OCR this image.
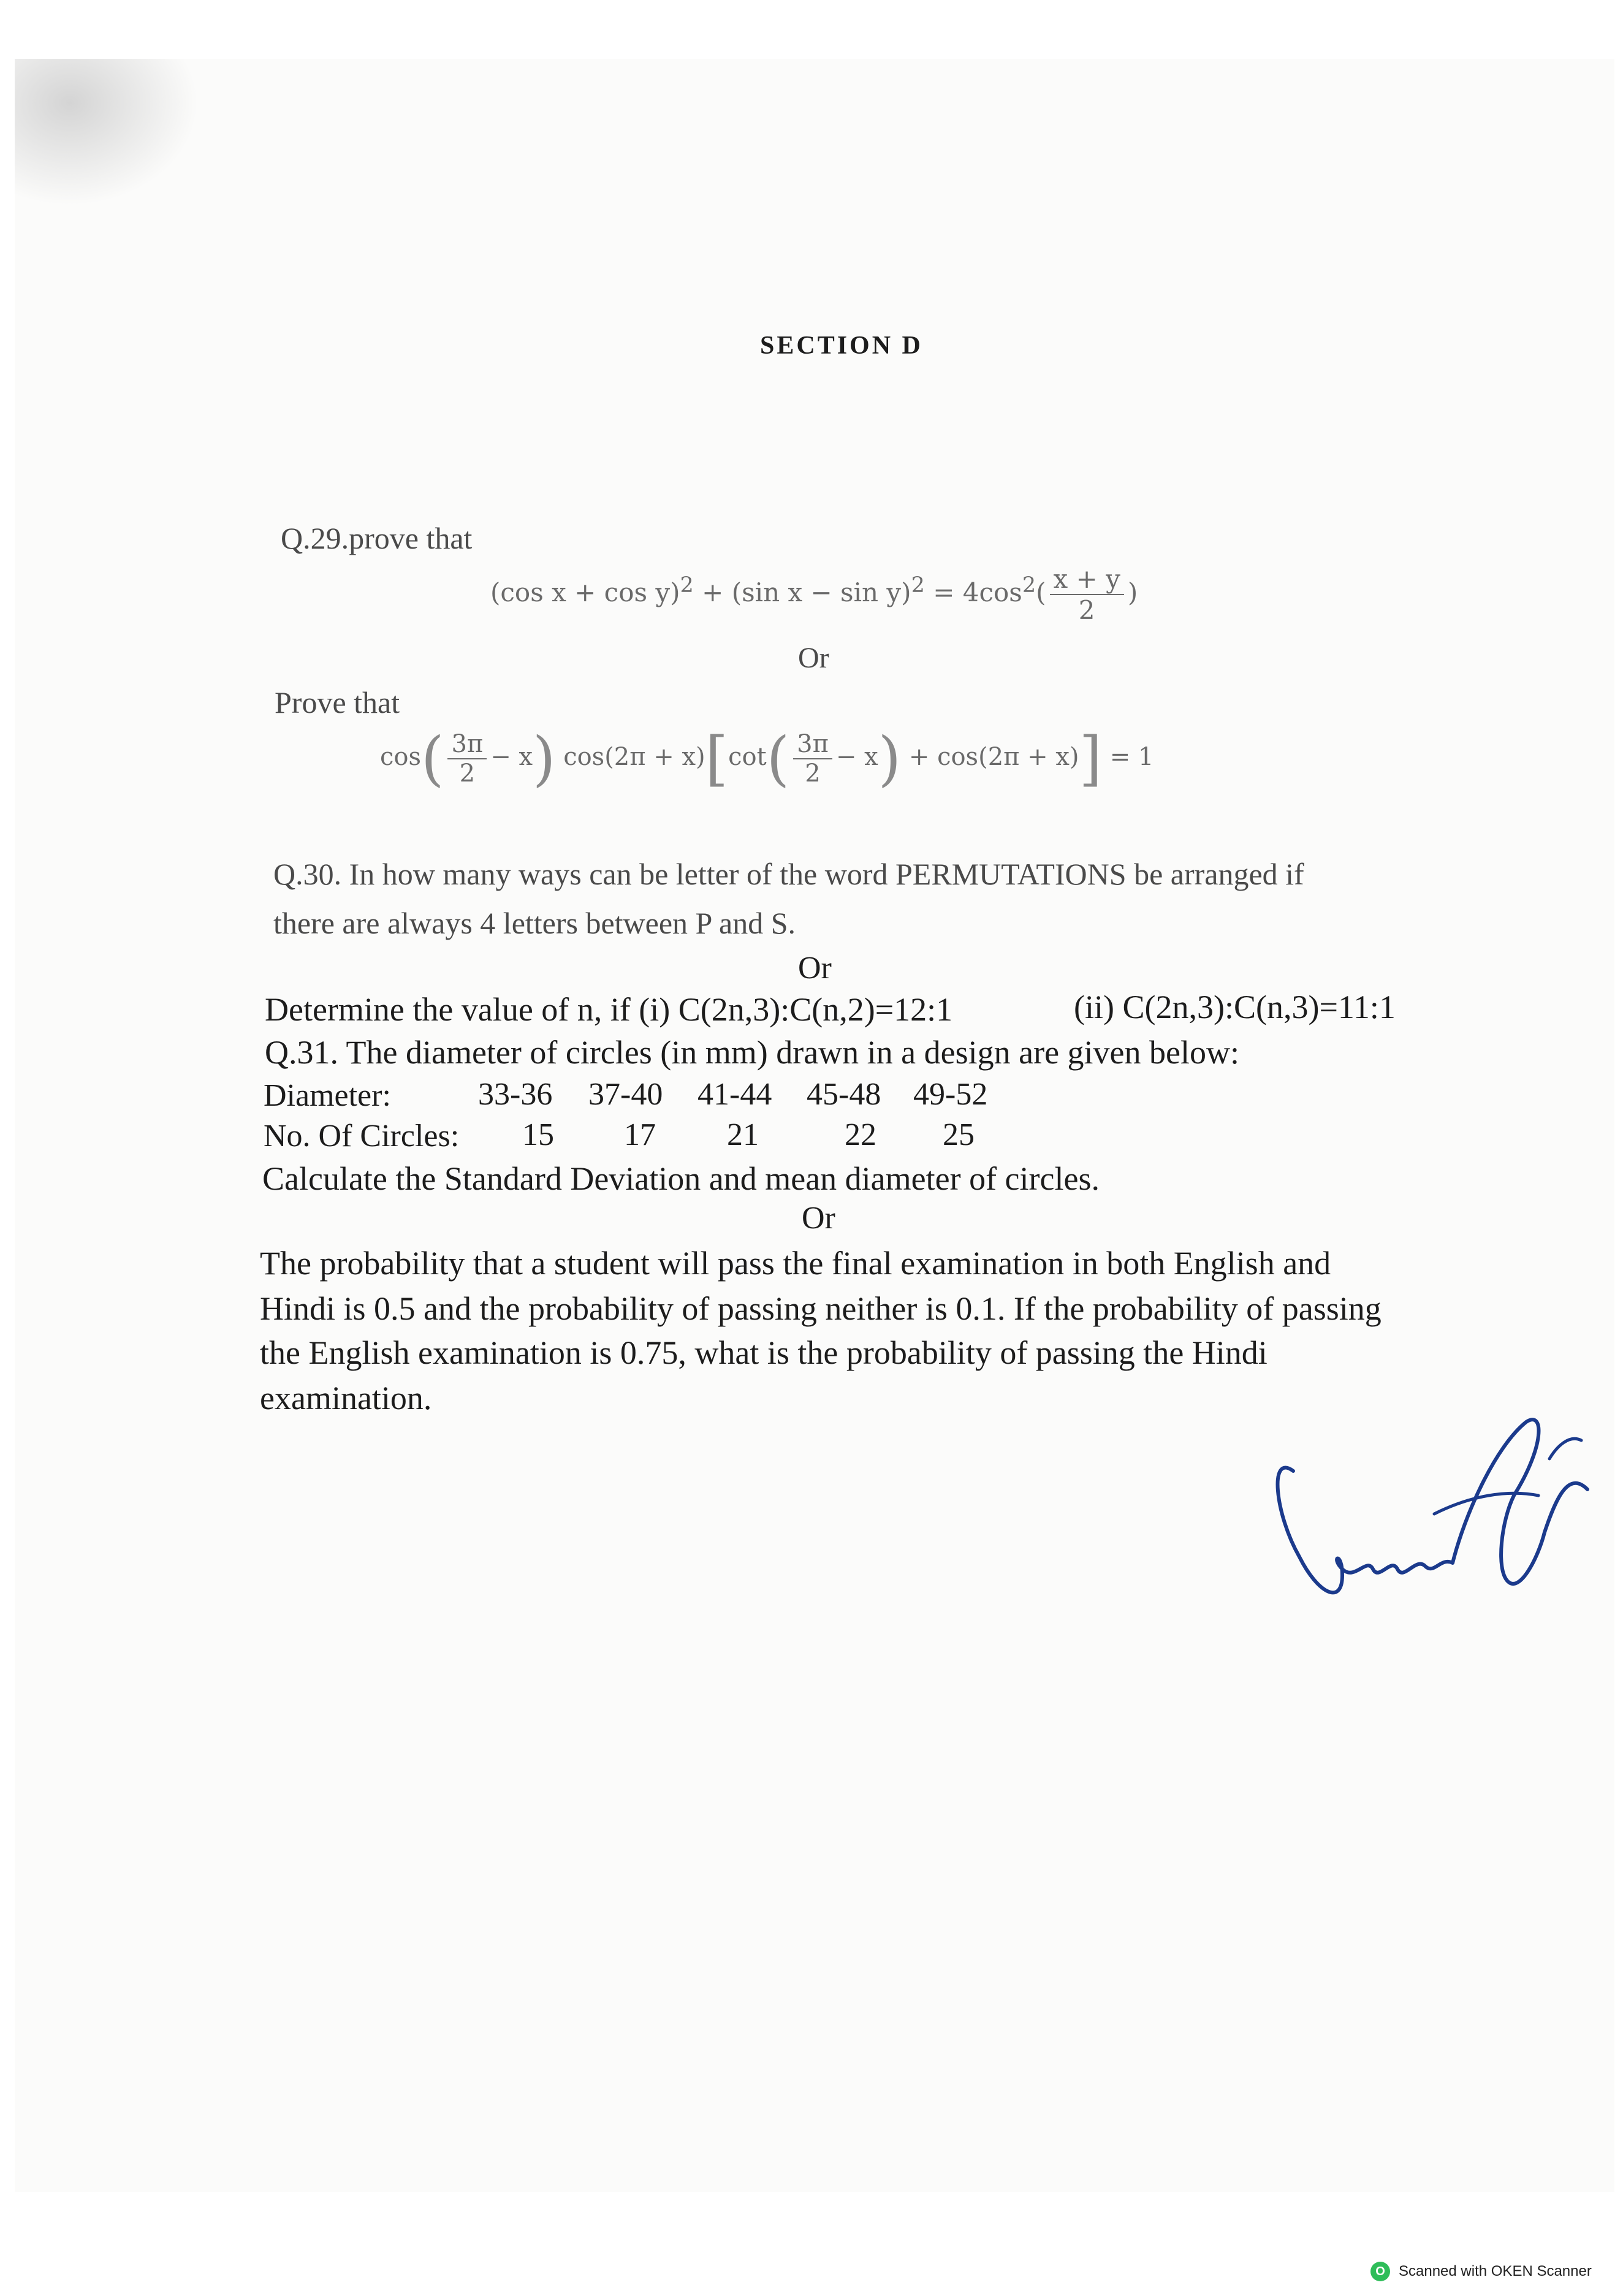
SECTION D
Q.29.prove that
(cos x + cos y)$^2$ + (sin $x - \sin y)^2 = 4\cos^2( \frac{x + y}{2}$ )
Or
Prove that
$\cos( \frac{3\pi}{2} - x)$ $\cos(2\pi + x)[\cot( \frac{3\pi}{2} - x) + \cos(2\pi + x)] = 1$
Q.30. In how many ways can be letter of the word PERMUTATIONS be arranged if
there are always 4 letters between P and S.
Or
Determine the value of n, if (i) C(2n,3):C(n,2)=12:1	(ii) C(2n,3):C(n,3)=11:1
Q.31. The diameter of circles (in mm) drawn in a design are given below:
Diameter:	33-36 37-40 41-44 45-48 49-52
No. Of Circles: 15 17 21	22 25
Calculate the Standard Deviation and mean diameter of circles.
Or
The probability that a student will pass the final examination in both English and
Hindi is 0.5 and the probability of passing neither is 0.1. If the probability of passing
the English examination is 0.75, what is the probability of passing the Hindi
examination.
O Scanned with OKEN Scanner
